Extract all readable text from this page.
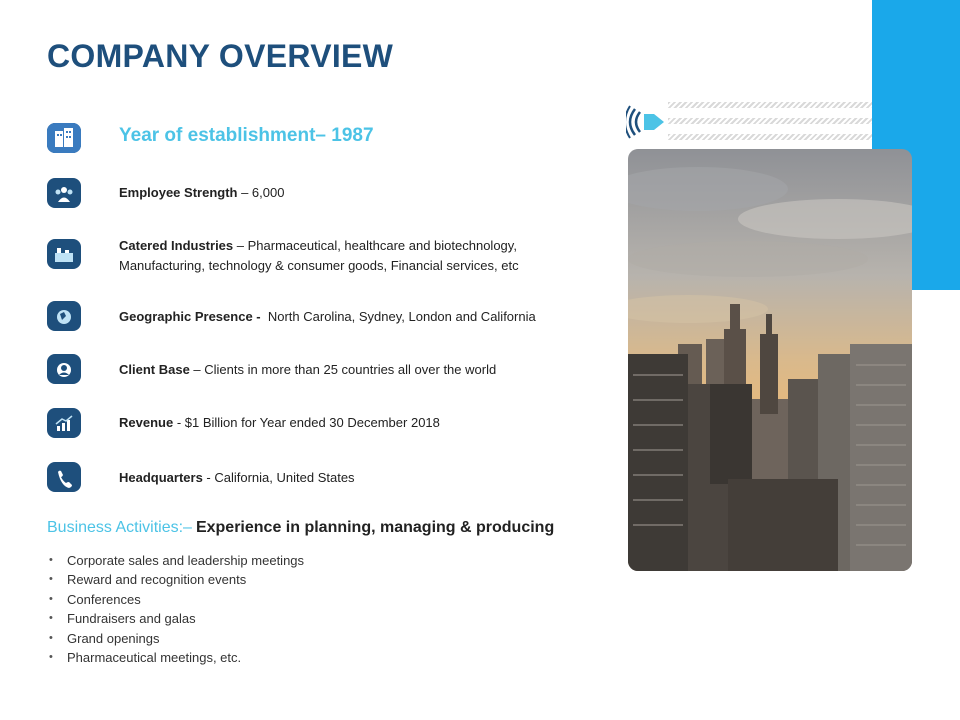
COMPANY OVERVIEW
Year of establishment– 1987
Employee Strength – 6,000
Catered Industries – Pharmaceutical, healthcare and biotechnology,
Manufacturing, technology & consumer goods, Financial services, etc
Geographic Presence -  North Carolina, Sydney, London and California
Client Base – Clients in more than 25 countries all over the world
Revenue - $1 Billion for Year ended 30 December 2018
Headquarters - California, United States
Business Activities:– Experience in planning, managing & producing
• Corporate sales and leadership meetings
• Reward and recognition events
• Conferences
• Fundraisers and galas
• Grand openings
• Pharmaceutical meetings, etc.
